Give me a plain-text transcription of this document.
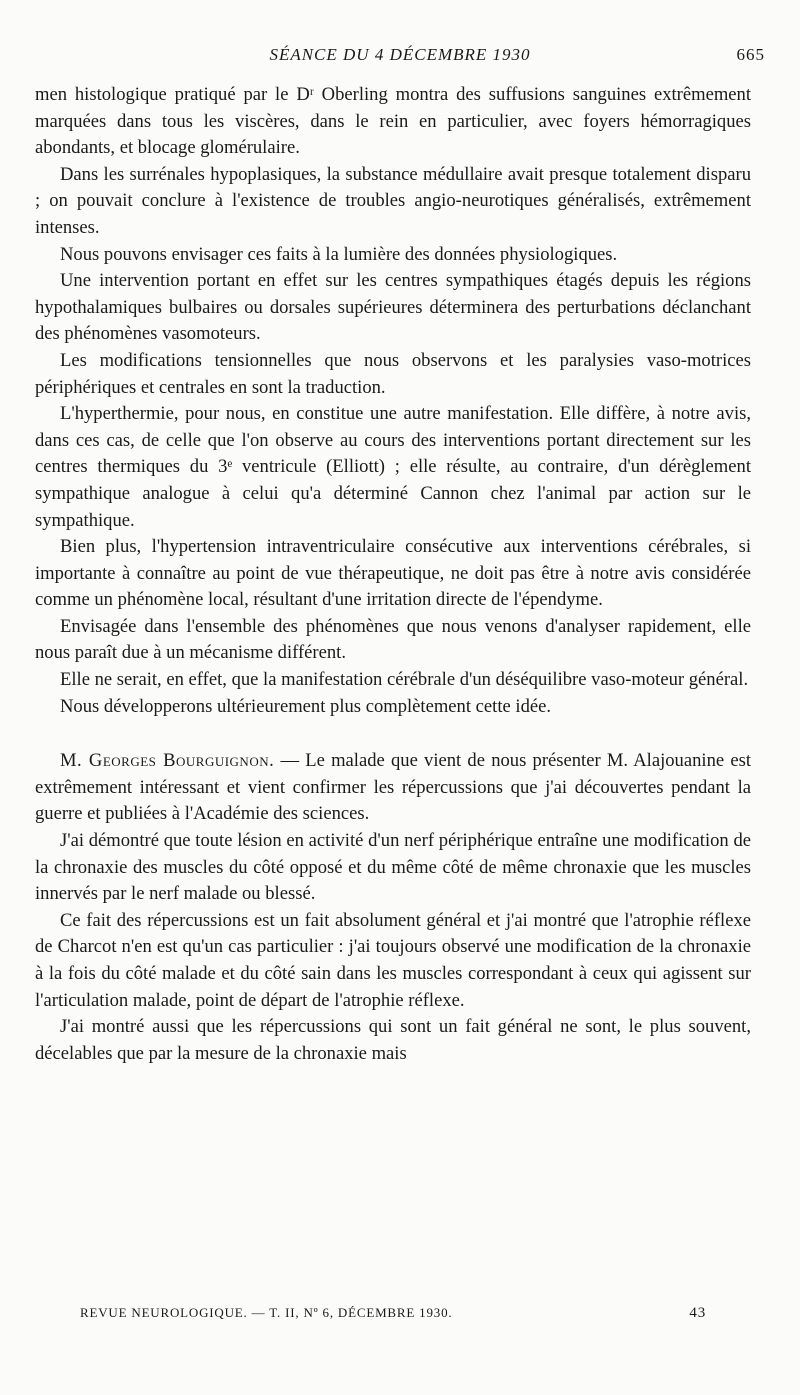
SÉANCE DU 4 DÉCEMBRE 1930	665

men histologique pratiqué par le Dʳ Oberling montra des suffusions sanguines extrêmement marquées dans tous les viscères, dans le rein en particulier, avec foyers hémorragiques abondants, et blocage glomérulaire.

Dans les surrénales hypoplasiques, la substance médullaire avait presque totalement disparu ; on pouvait conclure à l'existence de troubles angio-neurotiques généralisés, extrêmement intenses.

Nous pouvons envisager ces faits à la lumière des données physiologiques.

Une intervention portant en effet sur les centres sympathiques étagés depuis les régions hypothalamiques bulbaires ou dorsales supérieures déterminera des perturbations déclanchant des phénomènes vasomoteurs.

Les modifications tensionnelles que nous observons et les paralysies vaso-motrices périphériques et centrales en sont la traduction.

L'hyperthermie, pour nous, en constitue une autre manifestation. Elle diffère, à notre avis, dans ces cas, de celle que l'on observe au cours des interventions portant directement sur les centres thermiques du 3ᵉ ventricule (Elliott) ; elle résulte, au contraire, d'un dérèglement sympathique analogue à celui qu'a déterminé Cannon chez l'animal par action sur le sympathique.

Bien plus, l'hypertension intraventriculaire consécutive aux interventions cérébrales, si importante à connaître au point de vue thérapeutique, ne doit pas être à notre avis considérée comme un phénomène local, résultant d'une irritation directe de l'épendyme.

Envisagée dans l'ensemble des phénomènes que nous venons d'analyser rapidement, elle nous paraît due à un mécanisme différent.

Elle ne serait, en effet, que la manifestation cérébrale d'un déséquilibre vaso-moteur général.

Nous développerons ultérieurement plus complètement cette idée.

M. Georges Bourguignon. — Le malade que vient de nous présenter M. Alajouanine est extrêmement intéressant et vient confirmer les répercussions que j'ai découvertes pendant la guerre et publiées à l'Académie des sciences.

J'ai démontré que toute lésion en activité d'un nerf périphérique entraîne une modification de la chronaxie des muscles du côté opposé et du même côté de même chronaxie que les muscles innervés par le nerf malade ou blessé.

Ce fait des répercussions est un fait absolument général et j'ai montré que l'atrophie réflexe de Charcot n'en est qu'un cas particulier : j'ai toujours observé une modification de la chronaxie à la fois du côté malade et du côté sain dans les muscles correspondant à ceux qui agissent sur l'articulation malade, point de départ de l'atrophie réflexe.

J'ai montré aussi que les répercussions qui sont un fait général ne sont, le plus souvent, décelables que par la mesure de la chronaxie mais

REVUE NEUROLOGIQUE. — T. II, Nº 6, DÉCEMBRE 1930.	43
